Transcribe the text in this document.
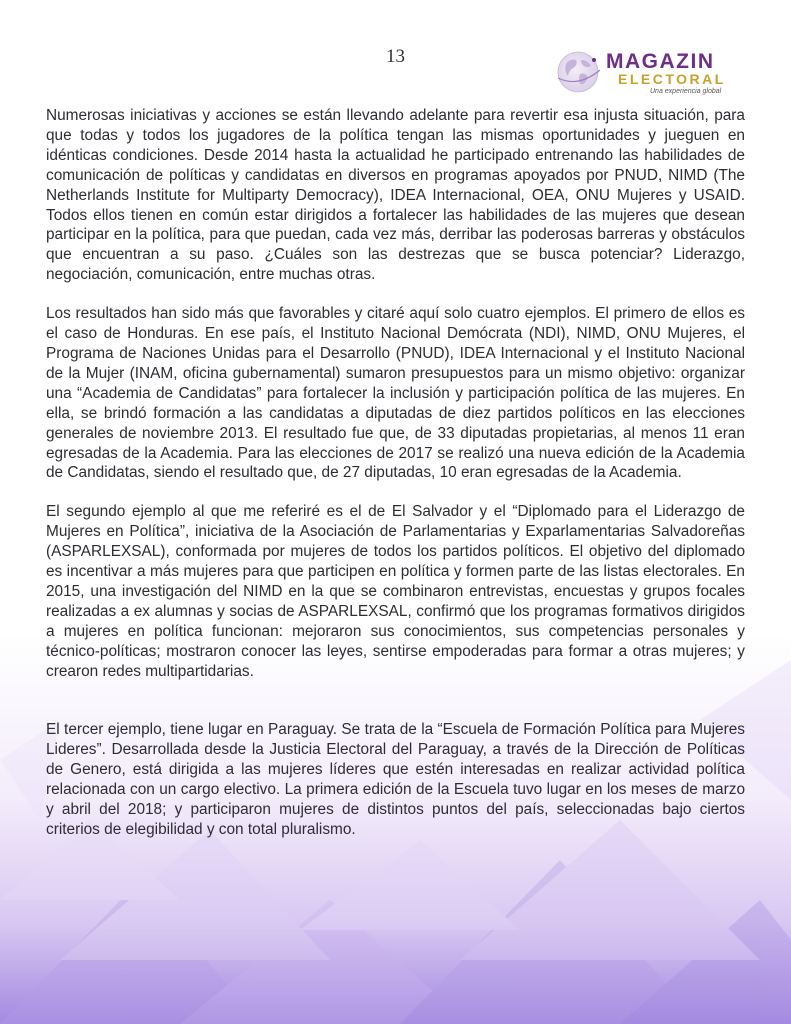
13	MAGAZIN
ELECTORAL
Una experiencia global

Numerosas iniciativas y acciones se están llevando adelante para revertir esa injusta situación, para que todas y todos los jugadores de la política tengan las mismas oportunidades y jueguen en idénticas condiciones. Desde 2014 hasta la actualidad he participado entrenando las habilidades de comunicación de políticas y candidatas en diversos en programas apoyados por PNUD, NIMD (The Netherlands Institute for Multiparty Democracy), IDEA Internacional, OEA, ONU Mujeres y USAID. Todos ellos tienen en común estar dirigidos a fortalecer las habilidades de las mujeres que desean participar en la política, para que puedan, cada vez más, derribar las poderosas barreras y obstáculos que encuentran a su paso. ¿Cuáles son las destrezas que se busca potenciar? Liderazgo, negociación, comunicación, entre muchas otras.

Los resultados han sido más que favorables y citaré aquí solo cuatro ejemplos. El primero de ellos es el caso de Honduras. En ese país, el Instituto Nacional Demócrata (NDI), NIMD, ONU Mujeres, el Programa de Naciones Unidas para el Desarrollo (PNUD), IDEA Internacional y el Instituto Nacional de la Mujer (INAM, oficina gubernamental) sumaron presupuestos para un mismo objetivo: organizar una “Academia de Candidatas” para fortalecer la inclusión y participación política de las mujeres. En ella, se brindó formación a las candidatas a diputadas de diez partidos políticos en las elecciones generales de noviembre 2013. El resultado fue que, de 33 diputadas propietarias, al menos 11 eran egresadas de la Academia. Para las elecciones de 2017 se realizó una nueva edición de la Academia de Candidatas, siendo el resultado que, de 27 diputadas, 10 eran egresadas de la Academia.

El segundo ejemplo al que me referiré es el de El Salvador y el “Diplomado para el Liderazgo de Mujeres en Política”, iniciativa de la Asociación de Parlamentarias y Exparlamentarias Salvadoreñas (ASPARLEXSAL), conformada por mujeres de todos los partidos políticos. El objetivo del diplomado es incentivar a más mujeres para que participen en política y formen parte de las listas electorales. En 2015, una investigación del NIMD en la que se combinaron entrevistas, encuestas y grupos focales realizadas a ex alumnas y socias de ASPARLEXSAL, confirmó que los programas formativos dirigidos a mujeres en política funcionan: mejoraron sus conocimientos, sus competencias personales y técnico-políticas; mostraron conocer las leyes, sentirse empoderadas para formar a otras mujeres; y crearon redes multipartidarias.

El tercer ejemplo, tiene lugar en Paraguay. Se trata de la “Escuela de Formación Política para Mujeres Lideres”. Desarrollada desde la Justicia Electoral del Paraguay, a través de la Dirección de Políticas de Genero, está dirigida a las mujeres líderes que estén interesadas en realizar actividad política relacionada con un cargo electivo. La primera edición de la Escuela tuvo lugar en los meses de marzo y abril del 2018; y participaron mujeres de distintos puntos del país, seleccionadas bajo ciertos criterios de elegibilidad y con total pluralismo.
